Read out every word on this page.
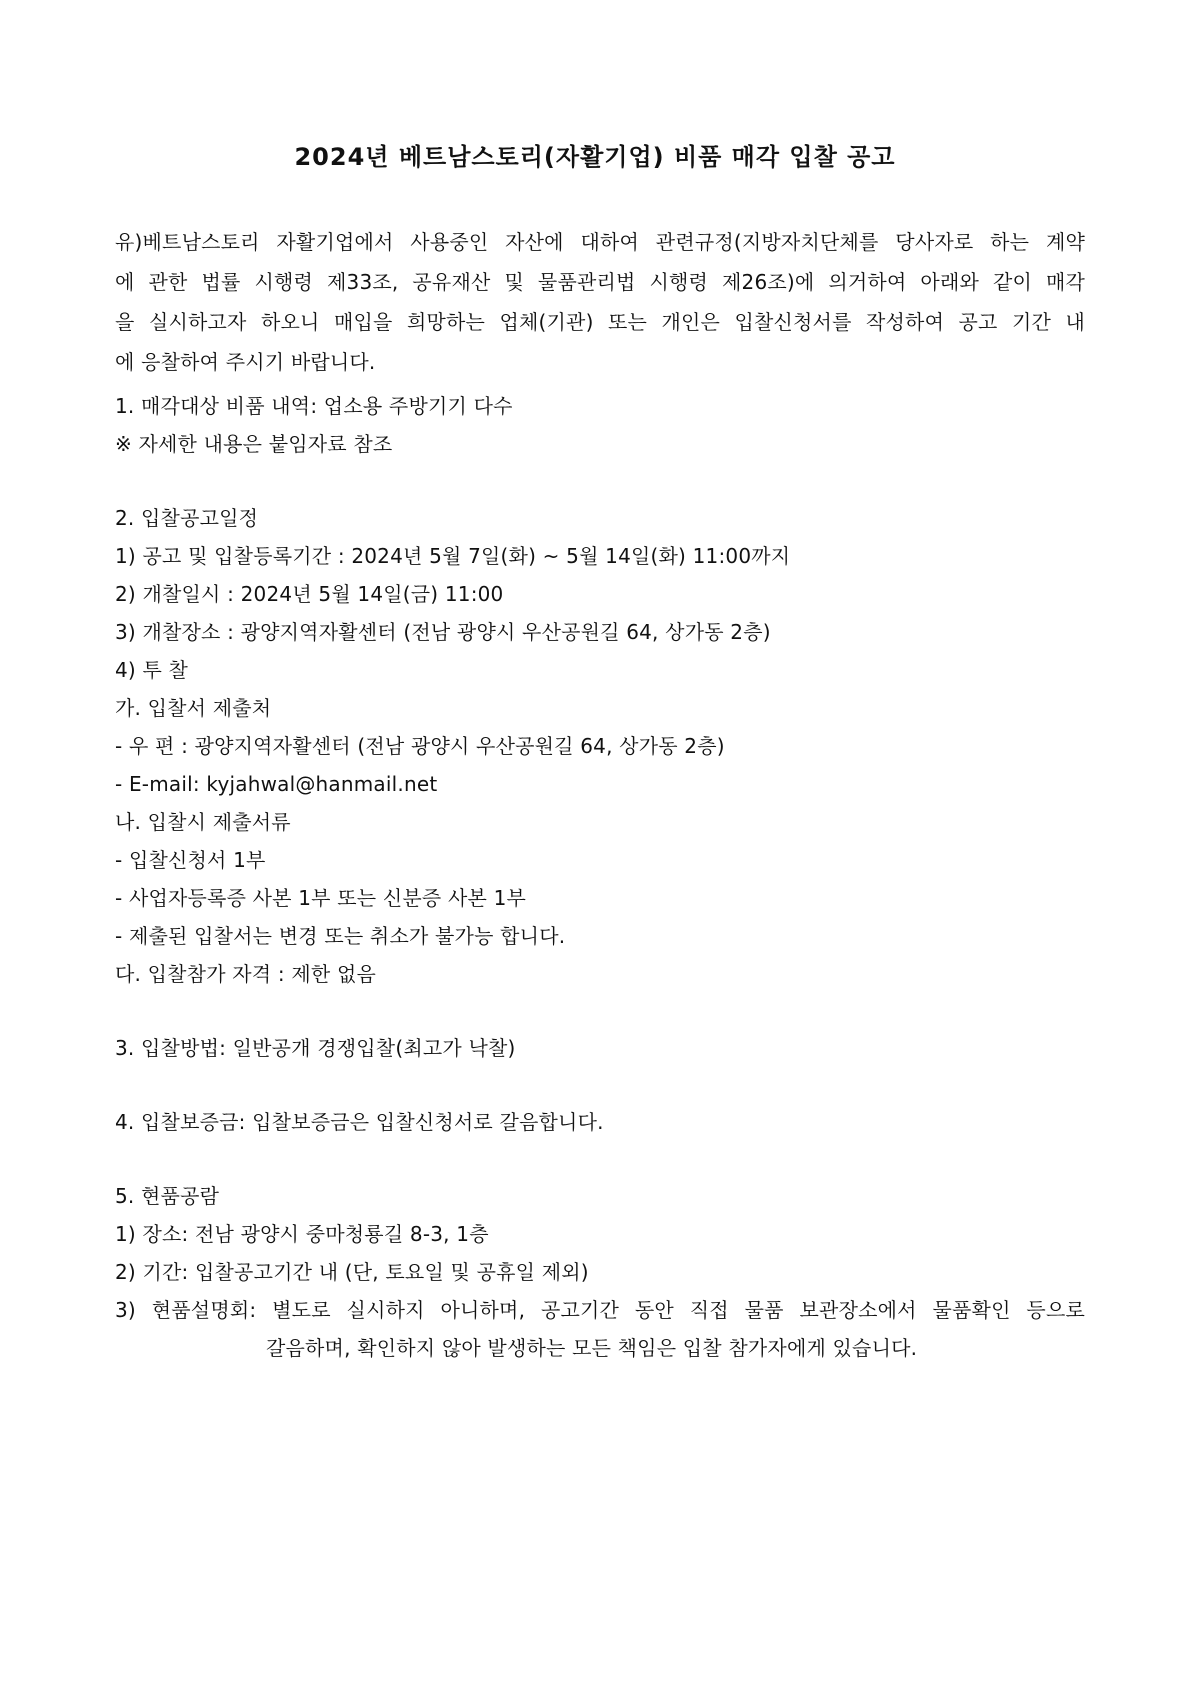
2024년 베트남스토리(자활기업) 비품 매각 입찰 공고
유)베트남스토리 자활기업에서 사용중인 자산에 대하여 관련규정(지방자치단체를 당사자로 하는 계약
에 관한 법률 시행령 제33조, 공유재산 및 물품관리법 시행령 제26조)에 의거하여 아래와 같이 매각
을 실시하고자 하오니 매입을 희망하는 업체(기관) 또는 개인은 입찰신청서를 작성하여 공고 기간 내
에 응찰하여 주시기 바랍니다.
1. 매각대상 비품 내역: 업소용 주방기기 다수
※ 자세한 내용은 붙임자료 참조
2. 입찰공고일정
1) 공고 및 입찰등록기간 : 2024년 5월 7일(화) ~ 5월 14일(화) 11:00까지
2) 개찰일시 : 2024년 5월 14일(금) 11:00
3) 개찰장소 : 광양지역자활센터 (전남 광양시 우산공원길 64, 상가동 2층)
4) 투 찰
가. 입찰서 제출처
- 우 편 : 광양지역자활센터 (전남 광양시 우산공원길 64, 상가동 2층)
- E-mail: kyjahwal@hanmail.net
나. 입찰시 제출서류
- 입찰신청서 1부
- 사업자등록증 사본 1부 또는 신분증 사본 1부
- 제출된 입찰서는 변경 또는 취소가 불가능 합니다.
다. 입찰참가 자격 : 제한 없음
3. 입찰방법: 일반공개 경쟁입찰(최고가 낙찰)
4. 입찰보증금: 입찰보증금은 입찰신청서로 갈음합니다.
5. 현품공람
1) 장소: 전남 광양시 중마청룡길 8-3, 1층
2) 기간: 입찰공고기간 내 (단, 토요일 및 공휴일 제외)
3) 현품설명회: 별도로 실시하지 아니하며, 공고기간 동안 직접 물품 보관장소에서 물품확인 등으로
갈음하며, 확인하지 않아 발생하는 모든 책임은 입찰 참가자에게 있습니다.
